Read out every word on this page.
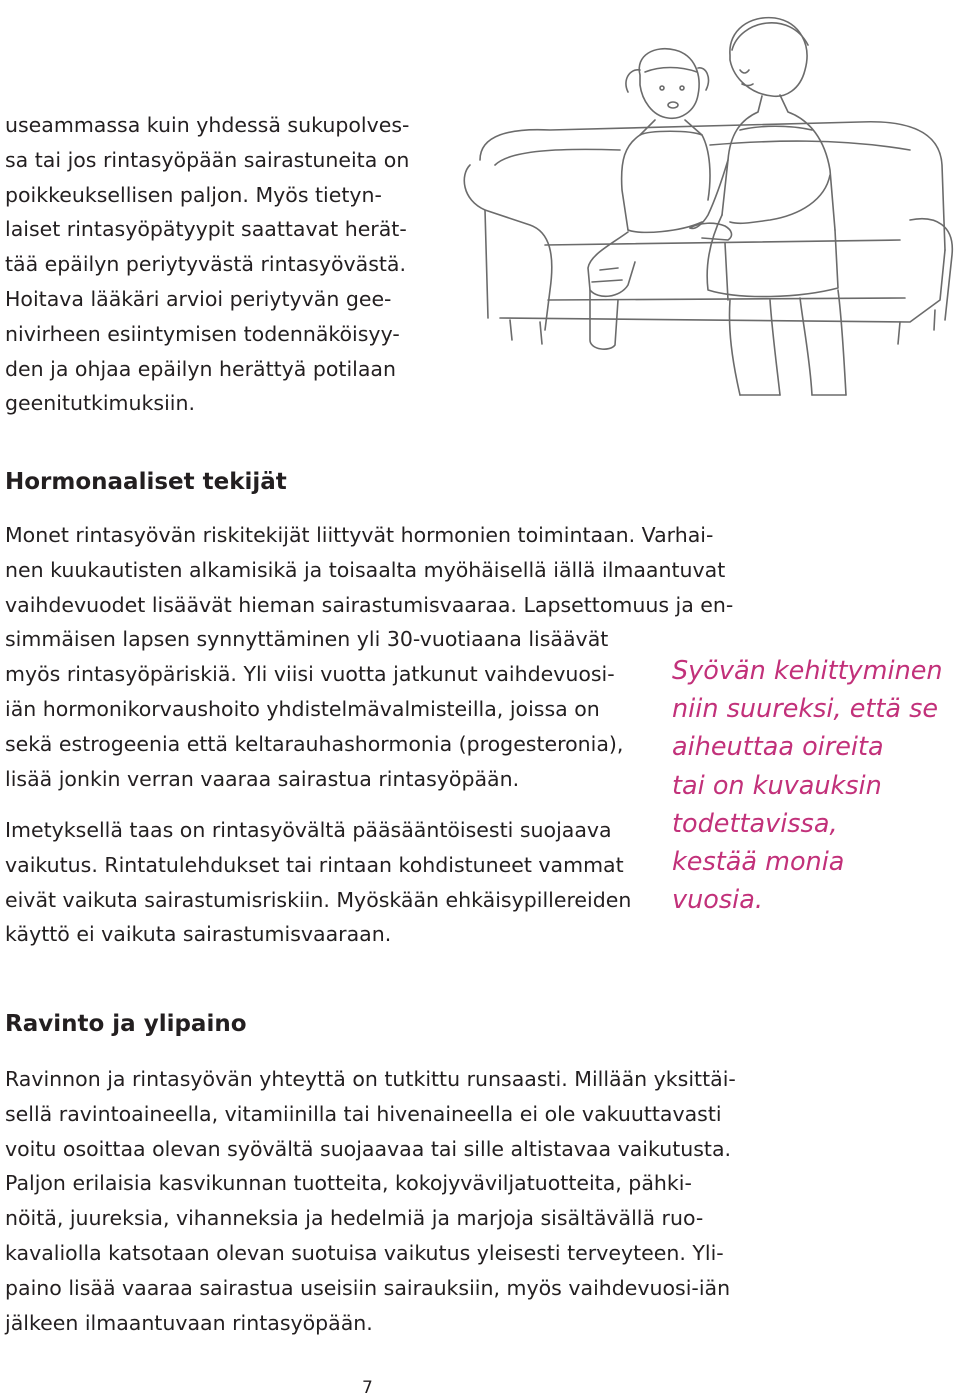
useammassa kuin yhdessä sukupolves-
sa tai jos rintasyöpään sairastuneita on
poikkeuksellisen paljon. Myös tietyn-
laiset rintasyöpätyypit saattavat herät-
tää epäilyn periytyvästä rintasyövästä.
Hoitava lääkäri arvioi periytyvän gee-
nivirheen esiintymisen todennäköisyy-
den ja ohjaa epäilyn herättyä potilaan
geenitutkimuksiin.
Hormonaaliset tekijät
Monet rintasyövän riskitekijät liittyvät hormonien toimintaan. Varhai-
nen kuukautisten alkamisikä ja toisaalta myöhäisellä iällä ilmaantuvat
vaihdevuodet lisäävät hieman sairastumisvaaraa. Lapsettomuus ja en-
simmäisen lapsen synnyttäminen yli 30-vuotiaana lisäävät
myös rintasyöpäriskiä. Yli viisi vuotta jatkunut vaihdevuosi-
iän hormonikorvaushoito yhdistelmävalmisteilla, joissa on
sekä estrogeenia että keltarauhashormonia (progesteronia),
lisää jonkin verran vaaraa sairastua rintasyöpään.
Imetyksellä taas on rintasyövältä pääsääntöisesti suojaava
vaikutus. Rintatulehdukset tai rintaan kohdistuneet vammat
eivät vaikuta sairastumisriskiin. Myöskään ehkäisypillereiden
käyttö ei vaikuta sairastumisvaaraan.
Syövän kehittyminen
niin suureksi, että se
aiheuttaa oireita
tai on kuvauksin
todettavissa,
kestää monia
vuosia.
Ravinto ja ylipaino
Ravinnon ja rintasyövän yhteyttä on tutkittu runsaasti. Millään yksittäi-
sellä ravintoaineella, vitamiinilla tai hivenaineella ei ole vakuuttavasti
voitu osoittaa olevan syövältä suojaavaa tai sille altistavaa vaikutusta.
Paljon erilaisia kasvikunnan tuotteita, kokojyväviljatuotteita, pähki-
nöitä, juureksia, vihanneksia ja hedelmiä ja marjoja sisältävällä ruo-
kavaliolla katsotaan olevan suotuisa vaikutus yleisesti terveyteen. Yli-
paino lisää vaaraa sairastua useisiin sairauksiin, myös vaihdevuosi-iän
jälkeen ilmaantuvaan rintasyöpään.
7
